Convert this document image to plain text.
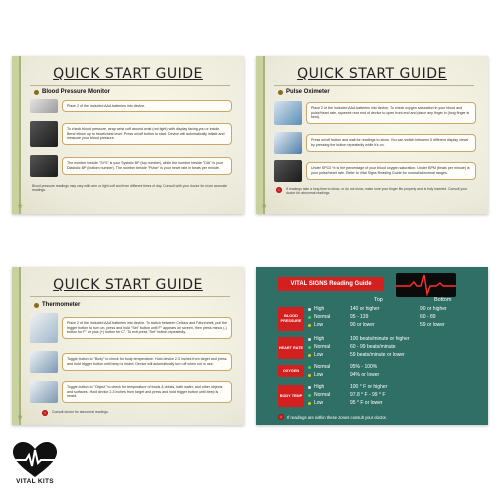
QUICK START GUIDE
Blood Pressure Monitor
Place 2 of the included AAA batteries into device.
To check blood pressure, wrap wrist cuff around wrist (not tight) with display facing you or inside. Bend elbow up to heart/chest level. Press on/off button to start. Device will automatically inflate and measure your blood pressure.
The number beside "SYS" is your Systolic BP (top number), while the number beside "DIA" is your Diastolic BP (bottom number). The number beside "Pulse" is your heart rate in beats per minute.
Blood pressure readings may vary with arm or tight cuff and from different times of day. Consult with your doctor for more accurate readings.
★
QUICK START GUIDE
Pulse Oximeter
Place 2 of the included AAA batteries into device. To check oxygen saturation in your blood and pulse/heart rate, squeeze rear end of device to open front end and place any finger in (long finger is best).
Press on/off button and wait for readings to show. You can switch between 5 different display views by pressing the button repeatedly while it's on.
Under SPO2 % is the percentage of your blood oxygen saturation. Under BPM (beats per minute) is your pulse/heart rate. Refer to Vital Signs Reading Guide for normal/abnormal ranges.
If readings take a long time to show, or do not show, make sure your finger fits properly and is fully inserted. Consult your doctor for abnormal readings.
★
QUICK START GUIDE
Thermometer
Place 2 of the included AAA batteries into device. To switch between Celsius and Fahrenheit, pull the trigger button to turn on, press and hold "Set" button until F° appears on screen, then press minus (-) button for F° or plus (+) button for C°. To exit press "Set" button repeatedly.
Toggle button to "Body" to check for body temperature. Hold device 2-3 inches from target and press and hold trigger button until beep is heard. Device will automatically turn off when not in use.
Toggle button to "Object" to check for temperature of foods & drinks, bath water, and other objects and surfaces. Hold device 2-3 inches from target and press and hold trigger button until beep is heard.
Consult doctor for abnormal readings.
★
VITAL SIGNS Reading Guide
Top	Bottom
BLOOD PRESSURE
High	140 or higher	90 or higher
Normal	95 - 139	60 - 89
Low	90 or lower	59 or lower
HEART RATE
High	100 beats/minute or higher
Normal	60 - 99 beats/minute
Low	59 beats/minute or lower
OXYGEN
Normal	95% - 100%
Low	94% or lower
BODY TEMP
High	100 ° F or higher
Normal	97.8 ° F - 99 ° F
Low	95 ° F or lower
If readings are within these zones consult your doctor.
VITAL KITS
